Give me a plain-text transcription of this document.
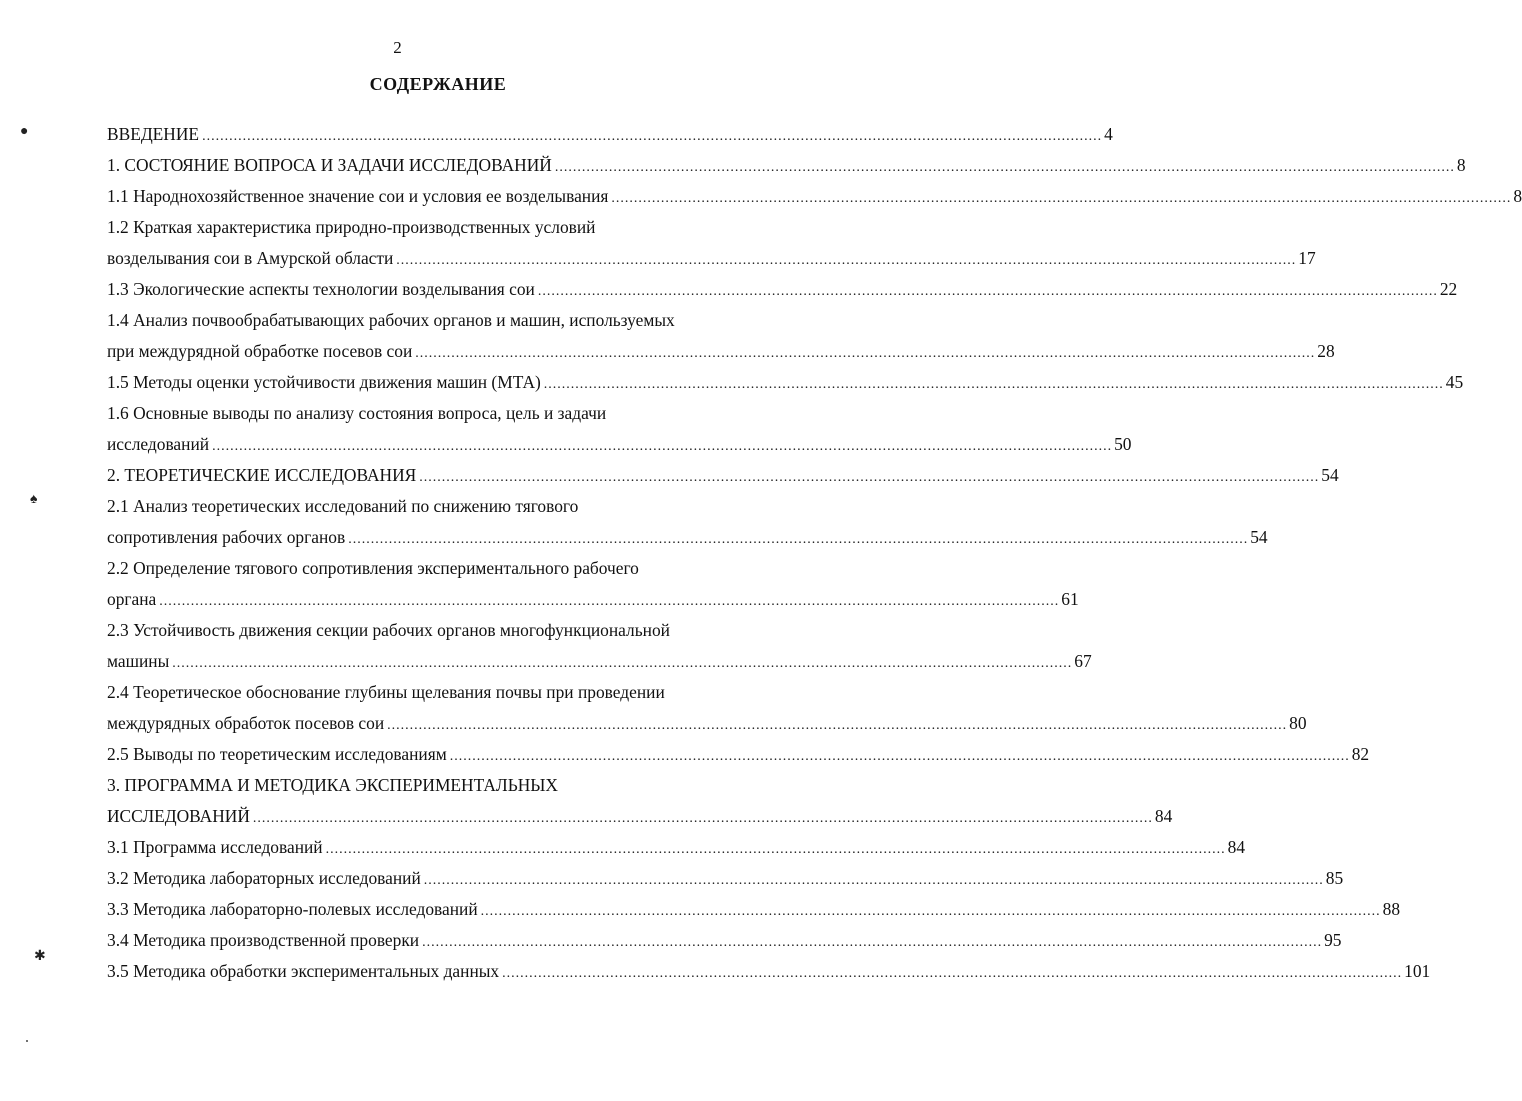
2
СОДЕРЖАНИЕ
ВВЕДЕНИЕ ........................................................................................................................................................................................................ 4
1. СОСТОЯНИЕ ВОПРОСА И ЗАДАЧИ ИССЛЕДОВАНИЙ ........................................................................................................................................................................................................ 8
1.1 Народнохозяйственное значение сои и условия ее возделывания ........................................................................................................................................................................................................ 8
1.2 Краткая характеристика природно-производственных условий
возделывания сои в Амурской области ........................................................................................................................................................................................................ 17
1.3 Экологические аспекты технологии возделывания сои ........................................................................................................................................................................................................ 22
1.4 Анализ почвообрабатывающих рабочих органов и машин, используемых
при междурядной обработке посевов сои ........................................................................................................................................................................................................ 28
1.5 Методы оценки устойчивости движения машин (МТА) ........................................................................................................................................................................................................ 45
1.6 Основные выводы по анализу состояния вопроса, цель и задачи
исследований ........................................................................................................................................................................................................ 50
2. ТЕОРЕТИЧЕСКИЕ ИССЛЕДОВАНИЯ ........................................................................................................................................................................................................ 54
2.1 Анализ теоретических исследований по снижению тягового
сопротивления рабочих органов ........................................................................................................................................................................................................ 54
2.2 Определение тягового сопротивления экспериментального рабочего
органа ........................................................................................................................................................................................................ 61
2.3 Устойчивость движения секции рабочих органов многофункциональной
машины ........................................................................................................................................................................................................ 67
2.4 Теоретическое обоснование глубины щелевания почвы при проведении
междурядных обработок посевов сои ........................................................................................................................................................................................................ 80
2.5 Выводы по теоретическим исследованиям ........................................................................................................................................................................................................ 82
3. ПРОГРАММА И МЕТОДИКА ЭКСПЕРИМЕНТАЛЬНЫХ
ИССЛЕДОВАНИЙ ........................................................................................................................................................................................................ 84
3.1 Программа исследований ........................................................................................................................................................................................................ 84
3.2 Методика лабораторных исследований ........................................................................................................................................................................................................ 85
3.3 Методика лабораторно-полевых исследований ........................................................................................................................................................................................................ 88
3.4 Методика производственной проверки ........................................................................................................................................................................................................ 95
3.5 Методика обработки экспериментальных данных ........................................................................................................................................................................................................ 101
●
♠
✱
